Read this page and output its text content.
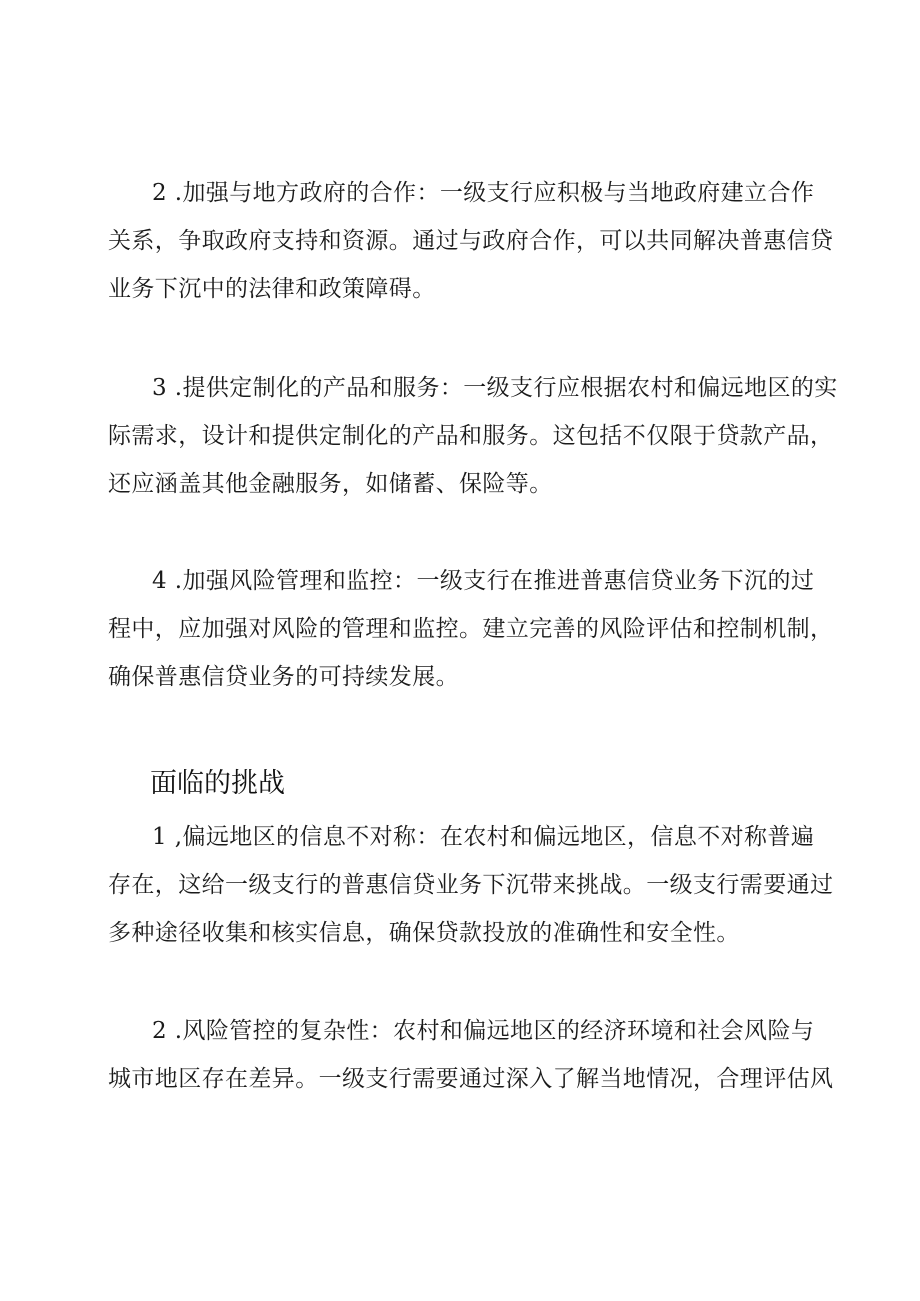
2 .加强与地方政府的合作：一级支行应积极与当地政府建立合作
关系，争取政府支持和资源。通过与政府合作，可以共同解决普惠信贷
业务下沉中的法律和政策障碍。

3 .提供定制化的产品和服务：一级支行应根据农村和偏远地区的实
际需求，设计和提供定制化的产品和服务。这包括不仅限于贷款产品，
还应涵盖其他金融服务，如储蓄、保险等。

4 .加强风险管理和监控：一级支行在推进普惠信贷业务下沉的过
程中，应加强对风险的管理和监控。建立完善的风险评估和控制机制，
确保普惠信贷业务的可持续发展。

面临的挑战

1 ,偏远地区的信息不对称：在农村和偏远地区，信息不对称普遍
存在，这给一级支行的普惠信贷业务下沉带来挑战。一级支行需要通过
多种途径收集和核实信息，确保贷款投放的准确性和安全性。

2 .风险管控的复杂性：农村和偏远地区的经济环境和社会风险与
城市地区存在差异。一级支行需要通过深入了解当地情况，合理评估风
